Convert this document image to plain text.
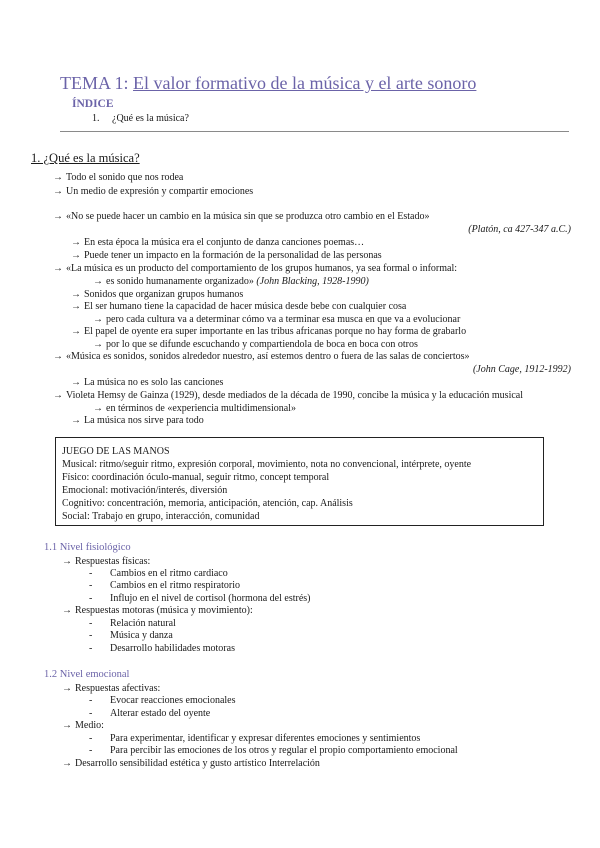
TEMA 1: El valor formativo de la música y el arte sonoro
ÍNDICE
1. ¿Qué es la música?
1. ¿Qué es la música?
→ Todo el sonido que nos rodea
→ Un medio de expresión y compartir emociones
→ «No se puede hacer un cambio en la música sin que se produzca otro cambio en el Estado»
(Platón, ca 427-347 a.C.)
→ En esta época la música era el conjunto de danza canciones poemas…
→ Puede tener un impacto en la formación de la personalidad de las personas
→ «La música es un producto del comportamiento de los grupos humanos, ya sea formal o informal:
→ es sonido humanamente organizado» (John Blacking, 1928-1990)
→ Sonidos que organizan grupos humanos
→ El ser humano tiene la capacidad de hacer música desde bebe con cualquier cosa
→ pero cada cultura va a determinar cómo va a terminar esa musca en que va a evolucionar
→ El papel de oyente era super importante en las tribus africanas porque no hay forma de grabarlo
→ por lo que se difunde escuchando y compartiendola de boca en boca con otros
→ «Música es sonidos, sonidos alrededor nuestro, así estemos dentro o fuera de las salas de conciertos»
(John Cage, 1912-1992)
→ La música no es solo las canciones
→ Violeta Hemsy de Gainza (1929), desde mediados de la década de 1990, concibe la música y la educación musical
→ en términos de «experiencia multidimensional»
→ La música nos sirve para todo
JUEGO DE LAS MANOS
Musical: ritmo/seguir ritmo, expresión corporal, movimiento, nota no convencional, intérprete, oyente
Físico: coordinación óculo-manual, seguir ritmo, concept temporal
Emocional: motivación/interés, diversión
Cognitivo: concentración, memoria, anticipación, atención, cap. Análisis
Social: Trabajo en grupo, interacción, comunidad
1.1 Nivel fisiológico
→ Respuestas físicas:
- Cambios en el ritmo cardiaco
- Cambios en el ritmo respiratorio
- Influjo en el nivel de cortisol (hormona del estrés)
→ Respuestas motoras (música y movimiento):
- Relación natural
- Música y danza
- Desarrollo habilidades motoras
1.2 Nivel emocional
→ Respuestas afectivas:
- Evocar reacciones emocionales
- Alterar estado del oyente
→ Medio:
- Para experimentar, identificar y expresar diferentes emociones y sentimientos
- Para percibir las emociones de los otros y regular el propio comportamiento emocional
→ Desarrollo sensibilidad estética y gusto artístico Interrelación
